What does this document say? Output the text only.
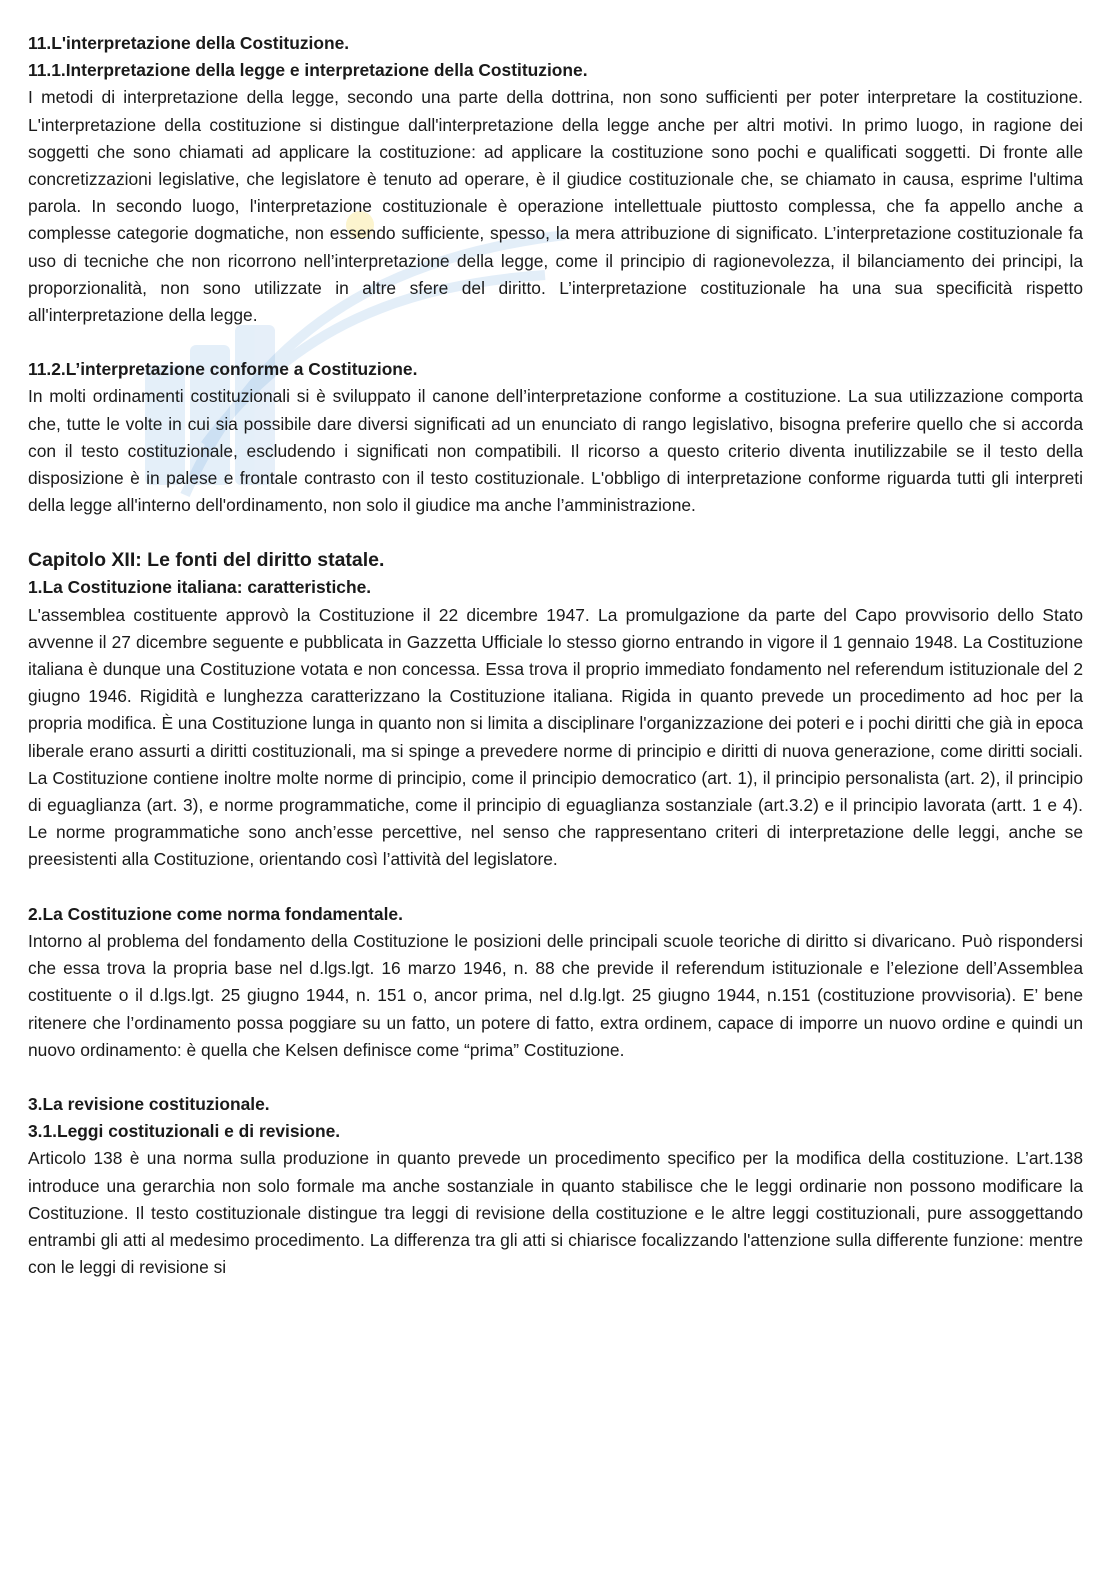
11.L'interpretazione della Costituzione.
11.1.Interpretazione della legge e interpretazione della Costituzione.

I metodi di interpretazione della legge, secondo una parte della dottrina, non sono sufficienti per poter interpretare la costituzione. L'interpretazione della costituzione si distingue dall'interpretazione della legge anche per altri motivi. In primo luogo, in ragione dei soggetti che sono chiamati ad applicare la costituzione: ad applicare la costituzione sono pochi e qualificati soggetti. Di fronte alle concretizzazioni legislative, che legislatore è tenuto ad operare, è il giudice costituzionale che, se chiamato in causa, esprime l'ultima parola. In secondo luogo, l'interpretazione costituzionale è operazione intellettuale piuttosto complessa, che fa appello anche a complesse categorie dogmatiche, non essendo sufficiente, spesso, la mera attribuzione di significato. L’interpretazione costituzionale fa uso di tecniche che non ricorrono nell’interpretazione della legge, come il principio di ragionevolezza, il bilanciamento dei principi, la proporzionalità, non sono utilizzate in altre sfere del diritto. L’interpretazione costituzionale ha una sua specificità rispetto all'interpretazione della legge.

11.2.L’interpretazione conforme a Costituzione.

In molti ordinamenti costituzionali si è sviluppato il canone dell’interpretazione conforme a costituzione. La sua utilizzazione comporta che, tutte le volte in cui sia possibile dare diversi significati ad un enunciato di rango legislativo, bisogna preferire quello che si accorda con il testo costituzionale, escludendo i significati non compatibili. Il ricorso a questo criterio diventa inutilizzabile se il testo della disposizione è in palese e frontale contrasto con il testo costituzionale. L'obbligo di interpretazione conforme riguarda tutti gli interpreti della legge all'interno dell'ordinamento, non solo il giudice ma anche l’amministrazione.

Capitolo XII: Le fonti del diritto statale.
1.La Costituzione italiana: caratteristiche.

L'assemblea costituente approvò la Costituzione il 22 dicembre 1947. La promulgazione da parte del Capo provvisorio dello Stato avvenne il 27 dicembre seguente e pubblicata in Gazzetta Ufficiale lo stesso giorno entrando in vigore il 1 gennaio 1948. La Costituzione italiana è dunque una Costituzione votata e non concessa. Essa trova il proprio immediato fondamento nel referendum istituzionale del 2 giugno 1946. Rigidità e lunghezza caratterizzano la Costituzione italiana. Rigida in quanto prevede un procedimento ad hoc per la propria modifica. È una Costituzione lunga in quanto non si limita a disciplinare l'organizzazione dei poteri e i pochi diritti che già in epoca liberale erano assurti a diritti costituzionali, ma si spinge a prevedere norme di principio e diritti di nuova generazione, come diritti sociali. La Costituzione contiene inoltre molte norme di principio, come il principio democratico (art. 1), il principio personalista (art. 2), il principio di eguaglianza (art. 3), e norme programmatiche, come il principio di eguaglianza sostanziale (art.3.2) e il principio lavorata (artt. 1 e 4). Le norme programmatiche sono anch’esse percettive, nel senso che rappresentano criteri di interpretazione delle leggi, anche se preesistenti alla Costituzione, orientando così l’attività del legislatore.

2.La Costituzione come norma fondamentale.

Intorno al problema del fondamento della Costituzione le posizioni delle principali scuole teoriche di diritto si divaricano. Può rispondersi che essa trova la propria base nel d.lgs.lgt. 16 marzo 1946, n. 88 che previde il referendum istituzionale e l’elezione dell’Assemblea costituente o il d.lgs.lgt. 25 giugno 1944, n. 151 o, ancor prima, nel d.lg.lgt. 25 giugno 1944, n.151 (costituzione provvisoria). E’ bene ritenere che l’ordinamento possa poggiare su un fatto, un potere di fatto, extra ordinem, capace di imporre un nuovo ordine e quindi un nuovo ordinamento: è quella che Kelsen definisce come “prima” Costituzione.

3.La revisione costituzionale.
3.1.Leggi costituzionali e di revisione.

Articolo 138 è una norma sulla produzione in quanto prevede un procedimento specifico per la modifica della costituzione. L’art.138 introduce una gerarchia non solo formale ma anche sostanziale in quanto stabilisce che le leggi ordinarie non possono modificare la Costituzione. Il testo costituzionale distingue tra leggi di revisione della costituzione e le altre leggi costituzionali, pure assoggettando entrambi gli atti al medesimo procedimento. La differenza tra gli atti si chiarisce focalizzando l'attenzione sulla differente funzione: mentre con le leggi di revisione si
